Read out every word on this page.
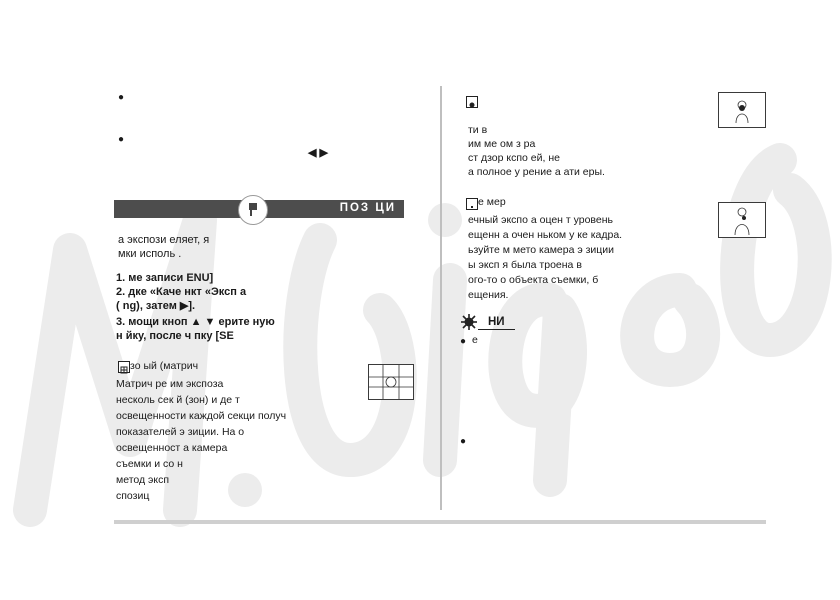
●
●
◀ ▶
ПОЗ ЦИ
а экспози еляет, я
мки исполь .
1. ме записи ENU]
2. дке «Каче нкт «Эксп а
( ng), затем ▶].
3. мощи кноп ▲ ▼ ерите ную
н йку, после ч пку [SE
зо ый (матрич
Матрич ре им экспоза
несколь сек й (зон) и де т
освещенности каждой секци получ
показателей э зиции. На о
освещенност а камера
съемки и со н
метод эксп
спозиц
ти в
им ме ом з ра
ст дзор кспо ей, не
а полное у рение а ати еры.
е мер
ечный экспо а оцен т уровень
ещенн а очен ньком у ке кадра.
ьзуйте м мето камера э зиции
ы эксп я была троена в
ого-то о объекта съемки, б
ещения.
НИ
● е
●
